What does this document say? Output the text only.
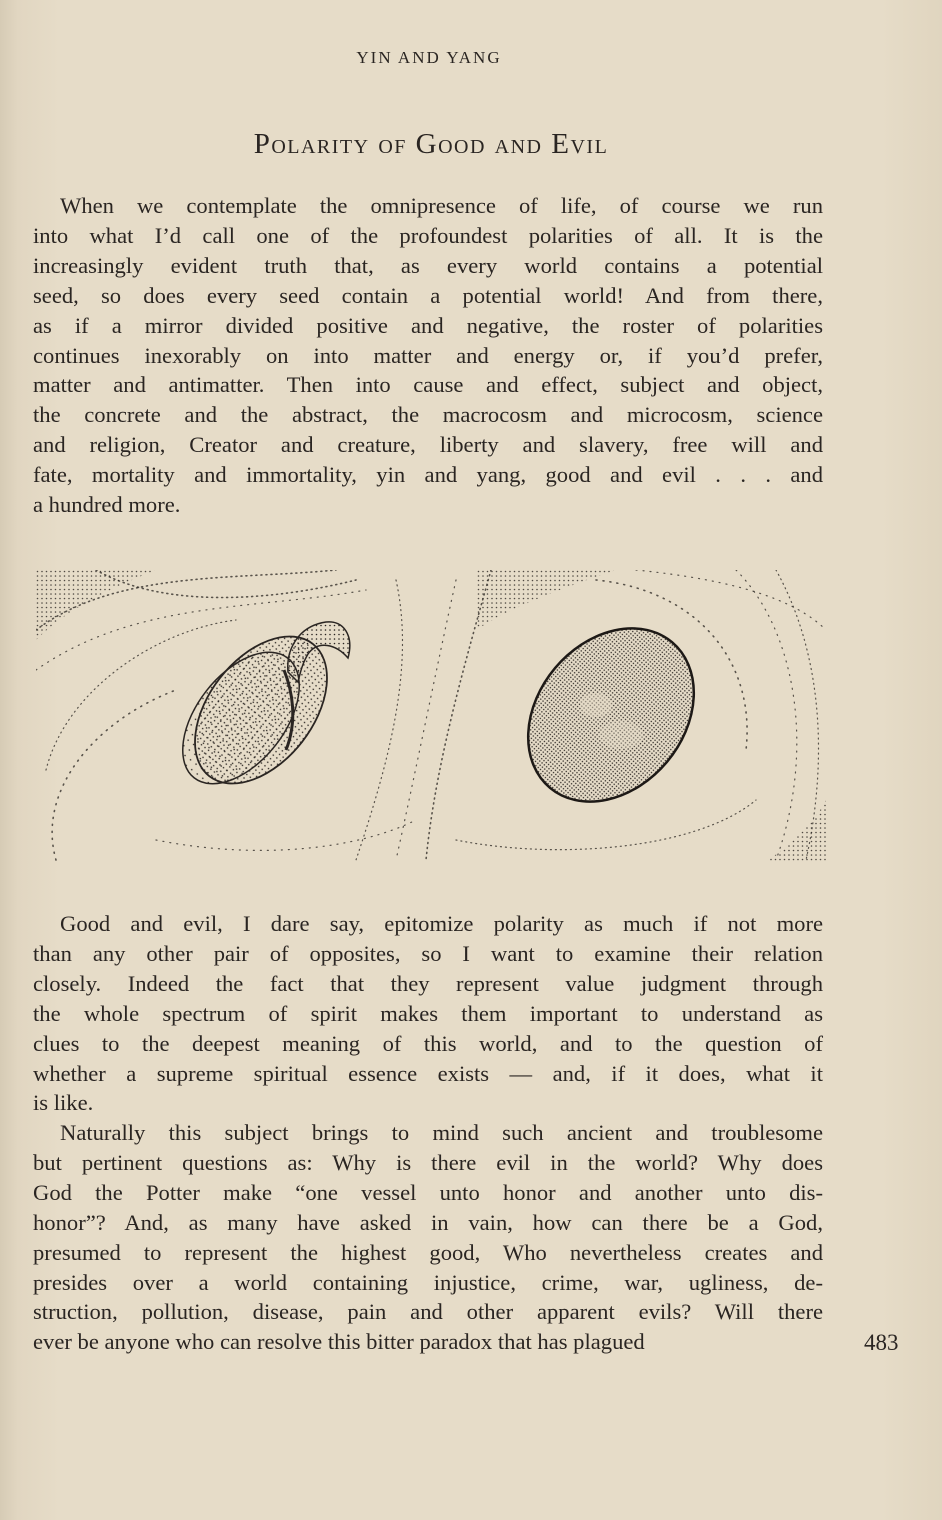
YIN AND YANG
Polarity of Good and Evil
When we contemplate the omnipresence of life, of course we run
into what I’d call one of the profoundest polarities of all. It is the
increasingly evident truth that, as every world contains a potential
seed, so does every seed contain a potential world! And from there,
as if a mirror divided positive and negative, the roster of polarities
continues inexorably on into matter and energy or, if you’d prefer,
matter and antimatter. Then into cause and effect, subject and object,
the concrete and the abstract, the macrocosm and microcosm, science
and religion, Creator and creature, liberty and slavery, free will and
fate, mortality and immortality, yin and yang, good and evil . . . and
a hundred more.
Good and evil, I dare say, epitomize polarity as much if not more
than any other pair of opposites, so I want to examine their relation
closely. Indeed the fact that they represent value judgment through
the whole spectrum of spirit makes them important to understand as
clues to the deepest meaning of this world, and to the question of
whether a supreme spiritual essence exists — and, if it does, what it
is like.
Naturally this subject brings to mind such ancient and troublesome
but pertinent questions as: Why is there evil in the world? Why does
God the Potter make “one vessel unto honor and another unto dis-
honor”? And, as many have asked in vain, how can there be a God,
presumed to represent the highest good, Who nevertheless creates and
presides over a world containing injustice, crime, war, ugliness, de-
struction, pollution, disease, pain and other apparent evils? Will there
ever be anyone who can resolve this bitter paradox that has plagued	483
